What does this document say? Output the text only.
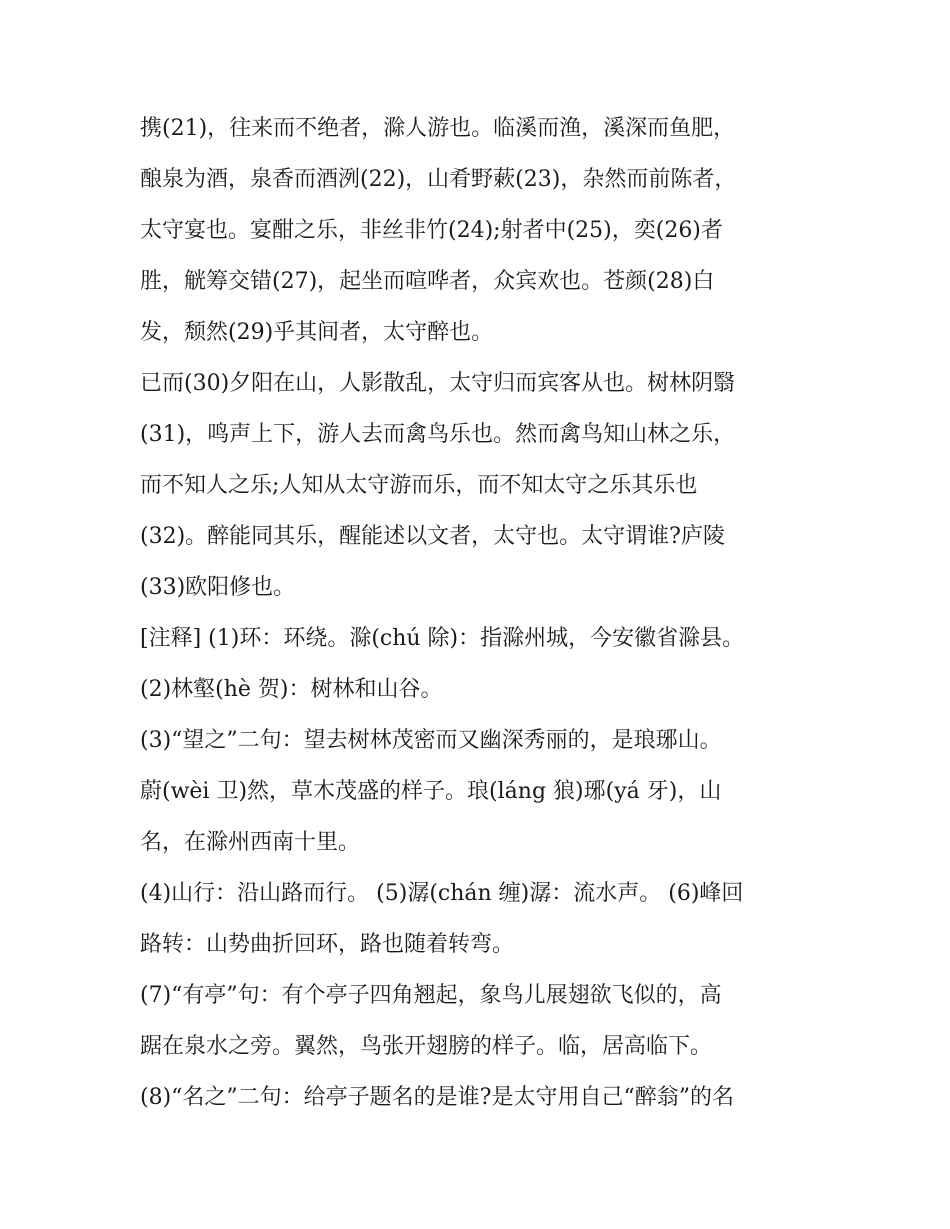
携(21)，往来而不绝者，滁人游也。临溪而渔，溪深而鱼肥，
酿泉为酒，泉香而酒洌(22)，山肴野蔌(23)，杂然而前陈者，
太守宴也。宴酣之乐，非丝非竹(24);射者中(25)，奕(26)者
胜，觥筹交错(27)，起坐而喧哗者，众宾欢也。苍颜(28)白
发，颓然(29)乎其间者，太守醉也。
已而(30)夕阳在山，人影散乱，太守归而宾客从也。树林阴翳
(31)，鸣声上下，游人去而禽鸟乐也。然而禽鸟知山林之乐，
而不知人之乐;人知从太守游而乐，而不知太守之乐其乐也
(32)。醉能同其乐，醒能述以文者，太守也。太守谓谁?庐陵
(33)欧阳修也。
[注释] (1)环：环绕。滁(chú 除)：指滁州城，今安徽省滁县。
(2)林壑(hè 贺)：树林和山谷。
(3)“望之”二句：望去树林茂密而又幽深秀丽的，是琅琊山。
蔚(wèi 卫)然，草木茂盛的样子。琅(láng 狼)琊(yá 牙)，山
名，在滁州西南十里。
(4)山行：沿山路而行。 (5)潺(chán 缠)潺：流水声。 (6)峰回
路转：山势曲折回环，路也随着转弯。
(7)“有亭”句：有个亭子四角翘起，象鸟儿展翅欲飞似的，高
踞在泉水之旁。翼然，鸟张开翅膀的样子。临，居高临下。
(8)“名之”二句：给亭子题名的是谁?是太守用自己“醉翁”的名
